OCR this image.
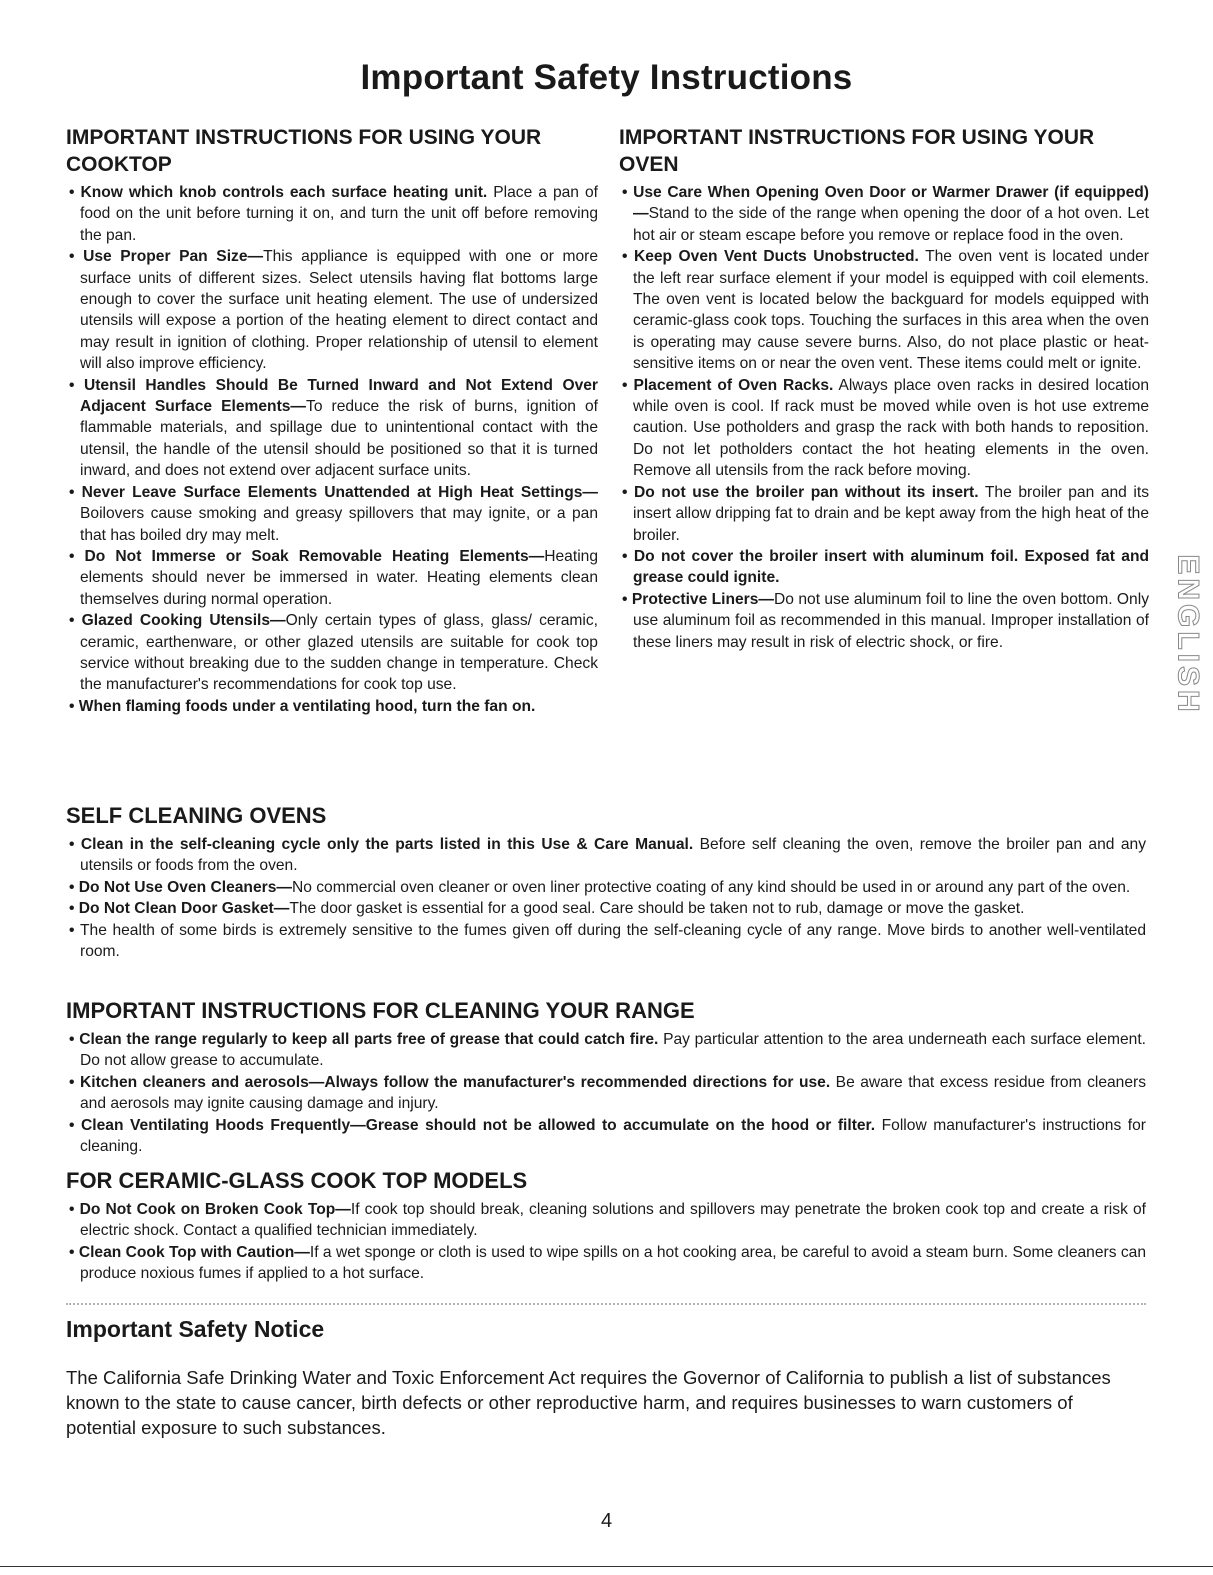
Important Safety Instructions
IMPORTANT INSTRUCTIONS FOR USING YOUR COOKTOP
• Know which knob controls each surface heating unit. Place a pan of food on the unit before turning it on, and turn the unit off before removing the pan.
• Use Proper Pan Size—This appliance is equipped with one or more surface units of different sizes. Select utensils having flat bottoms large enough to cover the surface unit heating element. The use of undersized utensils will expose a portion of the heating element to direct contact and may result in ignition of clothing. Proper relationship of utensil to element will also improve efficiency.
• Utensil Handles Should Be Turned Inward and Not Extend Over Adjacent Surface Elements—To reduce the risk of burns, ignition of flammable materials, and spillage due to unintentional contact with the utensil, the handle of the utensil should be positioned so that it is turned inward, and does not extend over adjacent surface units.
• Never Leave Surface Elements Unattended at High Heat Settings—Boilovers cause smoking and greasy spillovers that may ignite, or a pan that has boiled dry may melt.
• Do Not Immerse or Soak Removable Heating Elements—Heating elements should never be immersed in water. Heating elements clean themselves during normal operation.
• Glazed Cooking Utensils—Only certain types of glass, glass/ ceramic, ceramic, earthenware, or other glazed utensils are suitable for cook top service without breaking due to the sudden change in temperature. Check the manufacturer's recommendations for cook top use.
• When flaming foods under a ventilating hood, turn the fan on.
IMPORTANT INSTRUCTIONS FOR USING YOUR OVEN
• Use Care When Opening Oven Door or Warmer Drawer (if equipped)—Stand to the side of the range when opening the door of a hot oven. Let hot air or steam escape before you remove or replace food in the oven.
• Keep Oven Vent Ducts Unobstructed. The oven vent is located under the left rear surface element if your model is equipped with coil elements. The oven vent is located below the backguard for models equipped with ceramic-glass cook tops. Touching the surfaces in this area when the oven is operating may cause severe burns. Also, do not place plastic or heat-sensitive items on or near the oven vent. These items could melt or ignite.
• Placement of Oven Racks. Always place oven racks in desired location while oven is cool. If rack must be moved while oven is hot use extreme caution. Use potholders and grasp the rack with both hands to reposition. Do not let potholders contact the hot heating elements in the oven. Remove all utensils from the rack before moving.
• Do not use the broiler pan without its insert. The broiler pan and its insert allow dripping fat to drain and be kept away from the high heat of the broiler.
• Do not cover the broiler insert with aluminum foil. Exposed fat and grease could ignite.
• Protective Liners—Do not use aluminum foil to line the oven bottom. Only use aluminum foil as recommended in this manual. Improper installation of these liners may result in risk of electric shock, or fire.
SELF CLEANING OVENS
• Clean in the self-cleaning cycle only the parts listed in this Use & Care Manual. Before self cleaning the oven, remove the broiler pan and any utensils or foods from the oven.
• Do Not Use Oven Cleaners—No commercial oven cleaner or oven liner protective coating of any kind should be used in or around any part of the oven.
• Do Not Clean Door Gasket—The door gasket is essential for a good seal. Care should be taken not to rub, damage or move the gasket.
• The health of some birds is extremely sensitive to the fumes given off during the self-cleaning cycle of any range. Move birds to another well-ventilated room.
IMPORTANT INSTRUCTIONS FOR CLEANING YOUR RANGE
• Clean the range regularly to keep all parts free of grease that could catch fire. Pay particular attention to the area underneath each surface element. Do not allow grease to accumulate.
• Kitchen cleaners and aerosols—Always follow the manufacturer's recommended directions for use. Be aware that excess residue from cleaners and aerosols may ignite causing damage and injury.
• Clean Ventilating Hoods Frequently—Grease should not be allowed to accumulate on the hood or filter. Follow manufacturer's instructions for cleaning.
FOR CERAMIC-GLASS COOK TOP MODELS
• Do Not Cook on Broken Cook Top—If cook top should break, cleaning solutions and spillovers may penetrate the broken cook top and create a risk of electric shock. Contact a qualified technician immediately.
• Clean Cook Top with Caution—If a wet sponge or cloth is used to wipe spills on a hot cooking area, be careful to avoid a steam burn. Some cleaners can produce noxious fumes if applied to a hot surface.
Important Safety Notice

The California Safe Drinking Water and Toxic Enforcement Act requires the Governor of California to publish a list of substances known to the state to cause cancer, birth defects or other reproductive harm, and requires businesses to warn customers of potential exposure to such substances.

4
ENGLISH
